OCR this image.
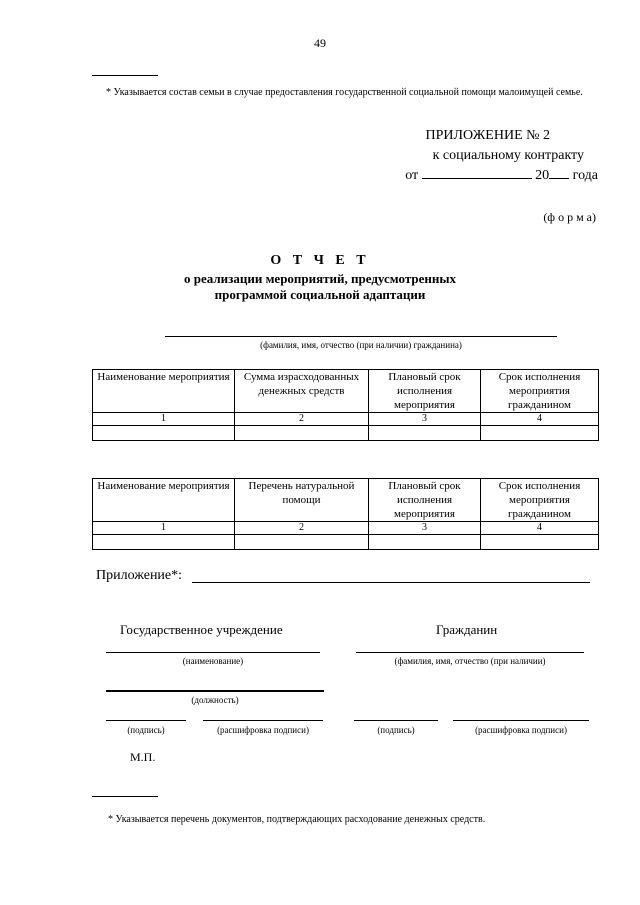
49
* Указывается состав семьи в случае предоставления государственной социальной помощи малоимущей семье.
ПРИЛОЖЕНИЕ № 2
к социальному контракту
от	20 года
(ф о р м а)
О Т Ч Е Т
о реализации мероприятий, предусмотренных
программой социальной адаптации
(фамилия, имя, отчество (при наличии) гражданина)
Наименование мероприятия	Сумма израсходованных денежных средств	Плановый срок исполнения мероприятия	Срок исполнения мероприятия гражданином
1	2	3	4

Наименование мероприятия	Перечень натуральной помощи	Плановый срок исполнения мероприятия	Срок исполнения мероприятия гражданином
1	2	3	4

Приложение*:
Государственное учреждение	Гражданин
(наименование)	(фамилия, имя, отчество (при наличии)
(должность)
(подпись)	(расшифровка подписи)	(подпись)	(расшифровка подписи)
М.П.
* Указывается перечень документов, подтверждающих расходование денежных средств.
